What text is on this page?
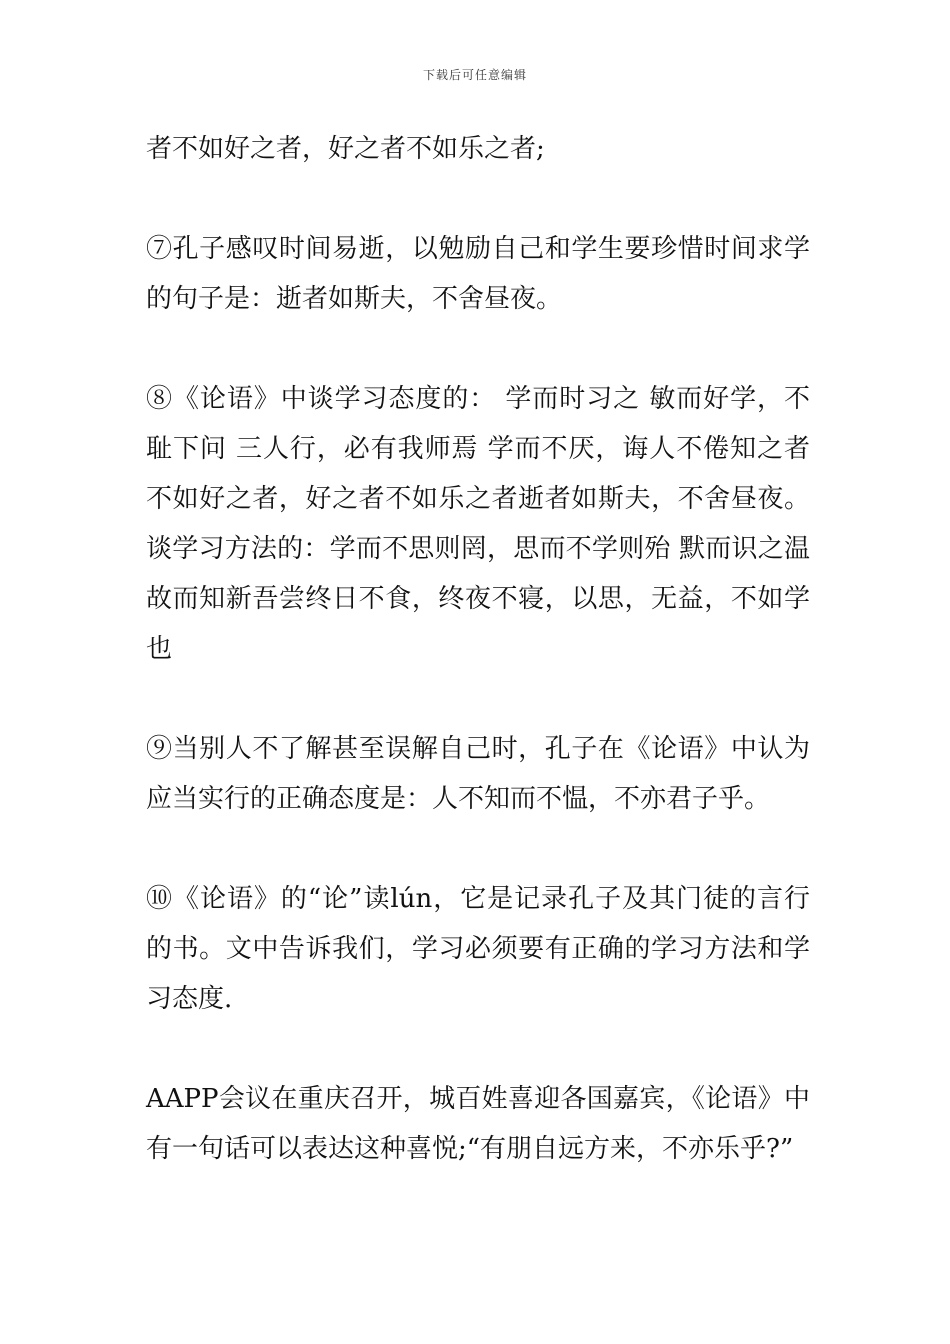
下载后可任意编辑

者不如好之者，好之者不如乐之者;

⑦孔子感叹时间易逝，以勉励自己和学生要珍惜时间求学的句子是：逝者如斯夫，不舍昼夜。

⑧《论语》中谈学习态度的： 学而时习之 敏而好学，不耻下问 三人行，必有我师焉 学而不厌，诲人不倦知之者不如好之者，好之者不如乐之者逝者如斯夫，不舍昼夜。谈学习方法的：学而不思则罔，思而不学则殆 默而识之温故而知新吾尝终日不食，终夜不寝，以思，无益，不如学也

⑨当别人不了解甚至误解自己时，孔子在《论语》中认为应当实行的正确态度是：人不知而不愠，不亦君子乎。

⑩《论语》的“论”读lún，它是记录孔子及其门徒的言行的书。文中告诉我们，学习必须要有正确的学习方法和学习态度.

AAPP会议在重庆召开，城百姓喜迎各国嘉宾，《论语》中有一句话可以表达这种喜悦;“有朋自远方来，不亦乐乎?”
